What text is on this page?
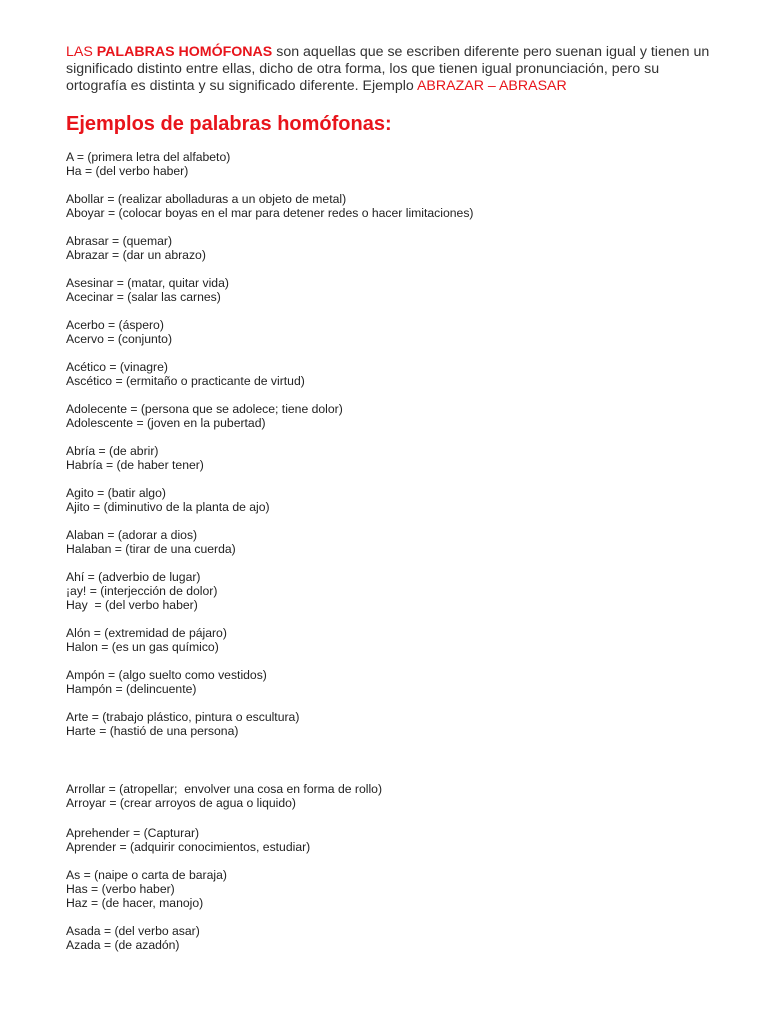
LAS PALABRAS HOMÓFONAS son aquellas que se escriben diferente pero suenan igual y tienen un
significado distinto entre ellas, dicho de otra forma, los que tienen igual pronunciación, pero su
ortografía es distinta y su significado diferente. Ejemplo ABRAZAR – ABRASAR
Ejemplos de palabras homófonas:
A = (primera letra del alfabeto)
Ha = (del verbo haber)
Abollar = (realizar abolladuras a un objeto de metal)
Aboyar = (colocar boyas en el mar para detener redes o hacer limitaciones)
Abrasar = (quemar)
Abrazar = (dar un abrazo)
Asesinar = (matar, quitar vida)
Acecinar = (salar las carnes)
Acerbo = (áspero)
Acervo = (conjunto)
Acético = (vinagre)
Ascético = (ermitaño o practicante de virtud)
Adolecente = (persona que se adolece; tiene dolor)
Adolescente = (joven en la pubertad)
Abría = (de abrir)
Habría = (de haber tener)
Agito = (batir algo)
Ajito = (diminutivo de la planta de ajo)
Alaban = (adorar a dios)
Halaban = (tirar de una cuerda)
Ahí = (adverbio de lugar)
¡ay! = (interjección de dolor)
Hay  = (del verbo haber)
Alón = (extremidad de pájaro)
Halon = (es un gas químico)
Ampón = (algo suelto como vestidos)
Hampón = (delincuente)
Arte = (trabajo plástico, pintura o escultura)
Harte = (hastió de una persona)
Arrollar = (atropellar;  envolver una cosa en forma de rollo)
Arroyar = (crear arroyos de agua o liquido)
Aprehender = (Capturar)
Aprender = (adquirir conocimientos, estudiar)
As = (naipe o carta de baraja)
Has = (verbo haber)
Haz = (de hacer, manojo)
Asada = (del verbo asar)
Azada = (de azadón)
